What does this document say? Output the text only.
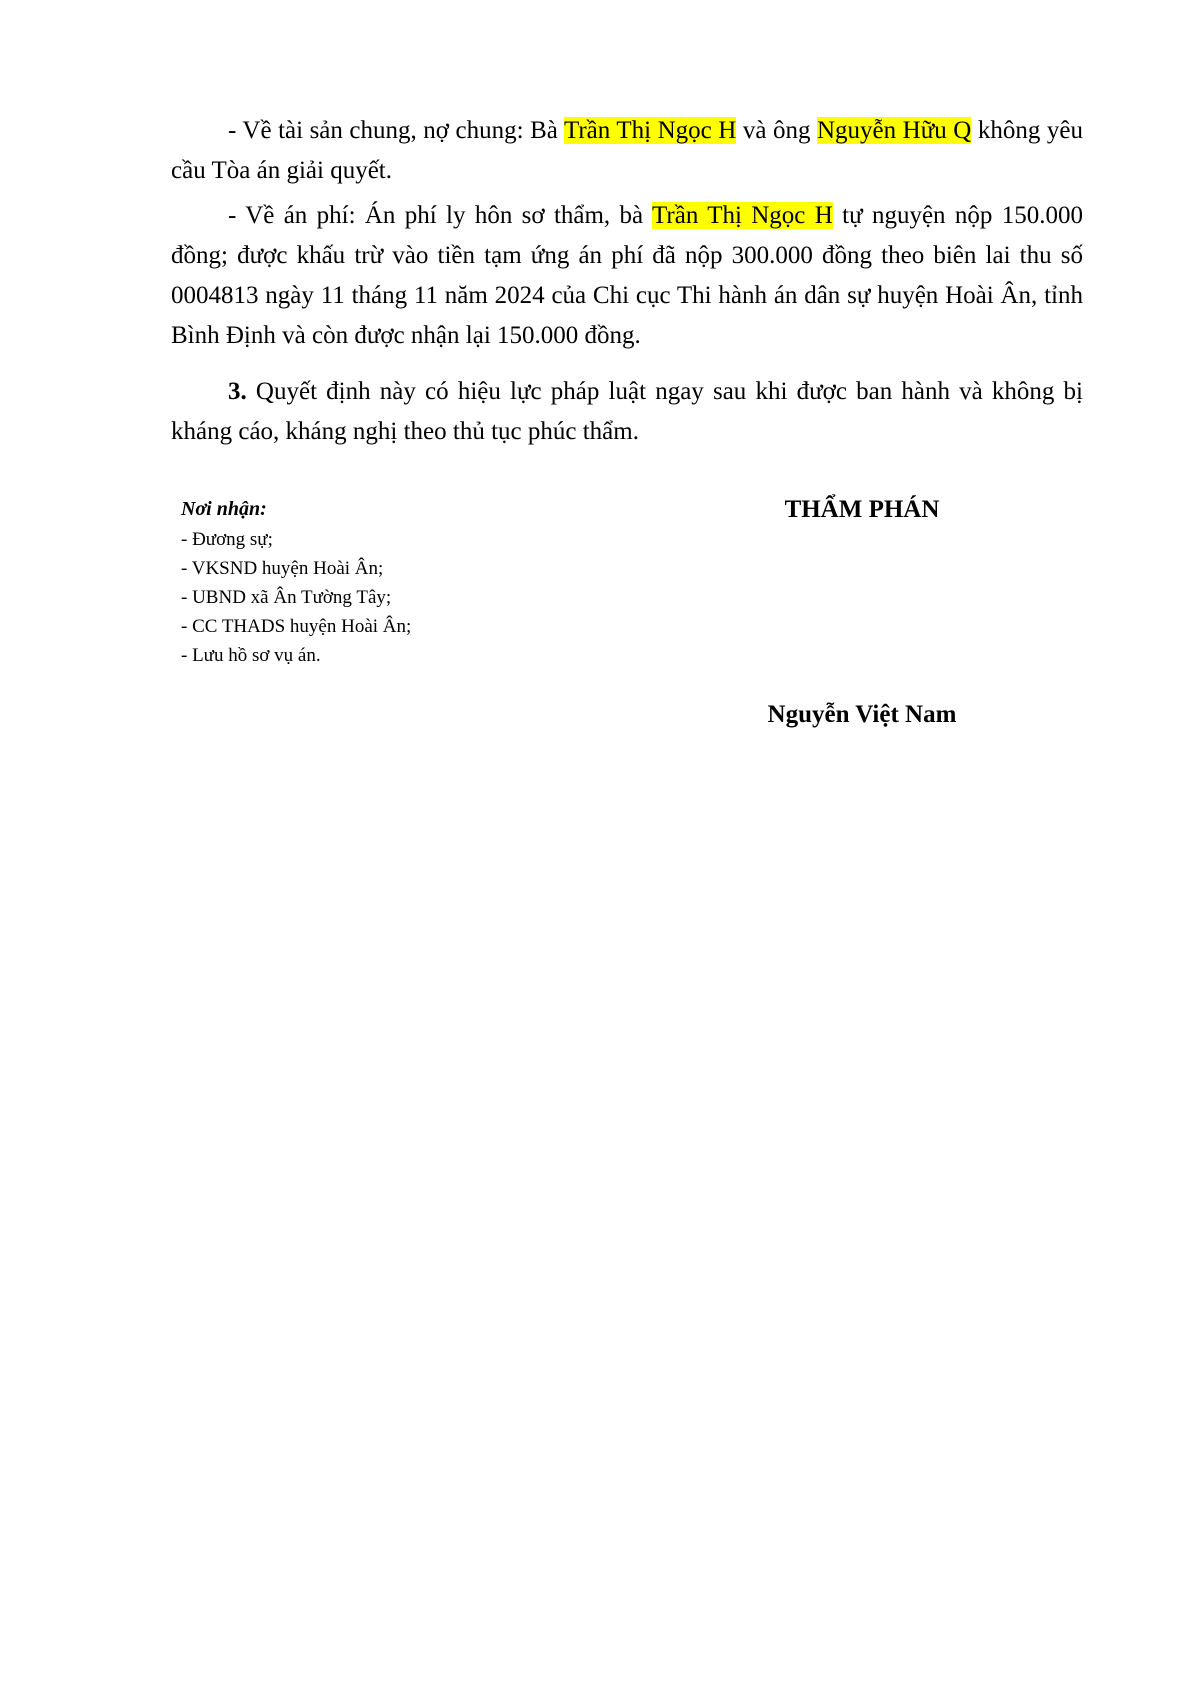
- Về tài sản chung, nợ chung: Bà Trần Thị Ngọc H và ông Nguyễn Hữu Q không yêu cầu Tòa án giải quyết.

- Về án phí: Án phí ly hôn sơ thẩm, bà Trần Thị Ngọc H tự nguyện nộp 150.000 đồng; được khấu trừ vào tiền tạm ứng án phí đã nộp 300.000 đồng theo biên lai thu số 0004813 ngày 11 tháng 11 năm 2024 của Chi cục Thi hành án dân sự huyện Hoài Ân, tỉnh Bình Định và còn được nhận lại 150.000 đồng.

3. Quyết định này có hiệu lực pháp luật ngay sau khi được ban hành và không bị kháng cáo, kháng nghị theo thủ tục phúc thẩm.

Nơi nhận:
- Đương sự;
- VKSND huyện Hoài Ân;
- UBND xã Ân Tường Tây;
- CC THADS huyện Hoài Ân;
- Lưu hồ sơ vụ án.
THẨM PHÁN
Nguyễn Việt Nam
